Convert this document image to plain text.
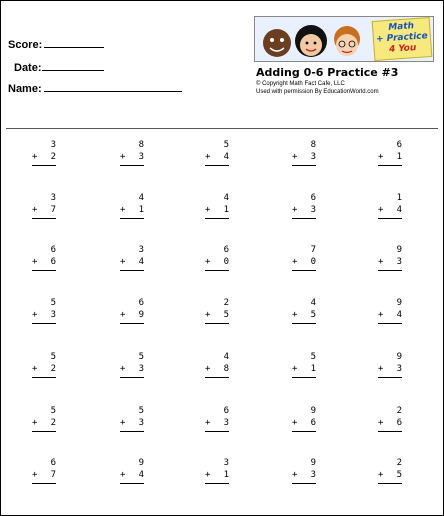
Score:
Date:
Name:
Math
+ Practice
4 You
Adding 0-6 Practice #3
© Copyright Math Fact Cafe, LLC
Used with permission By EducationWorld.com
3
+ 2
8
+ 3
5
+ 4
8
+ 3
6
+ 1
3
+ 7
4
+ 1
4
+ 1
6
+ 3
1
+ 4
6
+ 6
3
+ 4
6
+ 0
7
+ 0
9
+ 3
5
+ 3
6
+ 9
2
+ 5
4
+ 5
9
+ 4
5
+ 2
5
+ 3
4
+ 8
5
+ 1
9
+ 3
5
+ 2
5
+ 3
6
+ 3
9
+ 6
2
+ 6
6
+ 7
9
+ 4
3
+ 1
9
+ 3
2
+ 5
